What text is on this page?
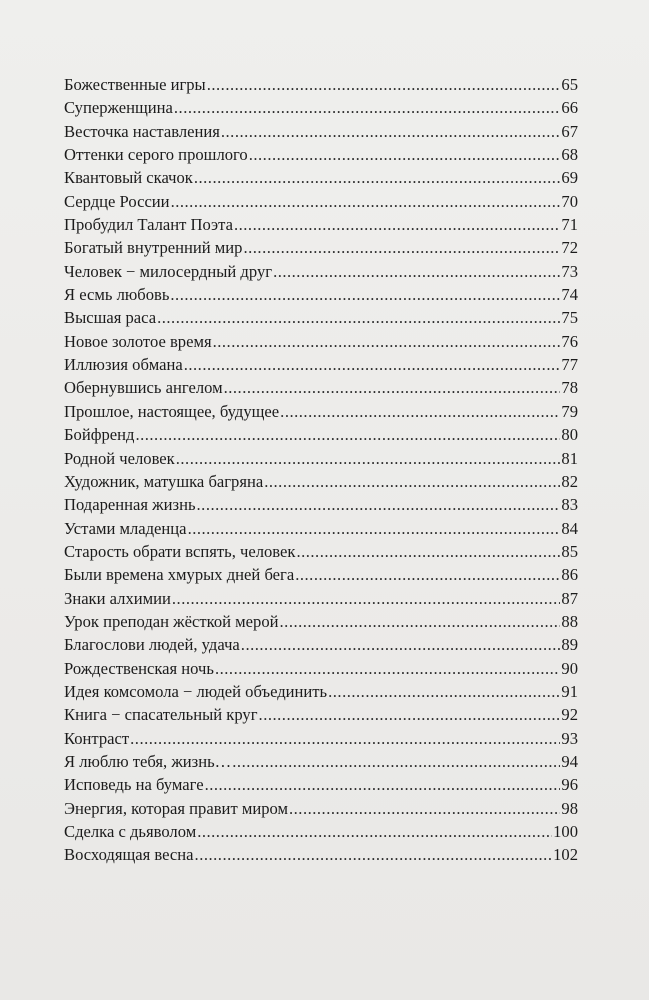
Божественные игры .....	65
Суперженщина .....	66
Весточка наставления .....	67
Оттенки серого прошлого .....	68
Квантовый скачок .....	69
Сердце России .....	70
Пробудил Талант Поэта .....	71
Богатый внутренний мир .....	72
Человек − милосердный друг .....	73
Я есмь любовь .....	74
Высшая раса .....	75
Новое золотое время .....	76
Иллюзия обмана .....	77
Обернувшись ангелом .....	78
Прошлое, настоящее, будущее .....	79
Бойфренд .....	80
Родной человек .....	81
Художник, матушка багряна .....	82
Подаренная жизнь .....	83
Устами младенца .....	84
Старость обрати вспять, человек .....	85
Были времена хмурых дней бега .....	86
Знаки алхимии .....	87
Урок преподан жёсткой мерой .....	88
Благослови людей, удача .....	89
Рождественская ночь .....	90
Идея комсомола − людей объединить .....	91
Книга − спасательный круг .....	92
Контраст .....	93
Я люблю тебя, жизнь… .....	94
Исповедь на бумаге .....	96
Энергия, которая правит миром .....	98
Сделка с дьяволом .....	100
Восходящая весна .....	102
